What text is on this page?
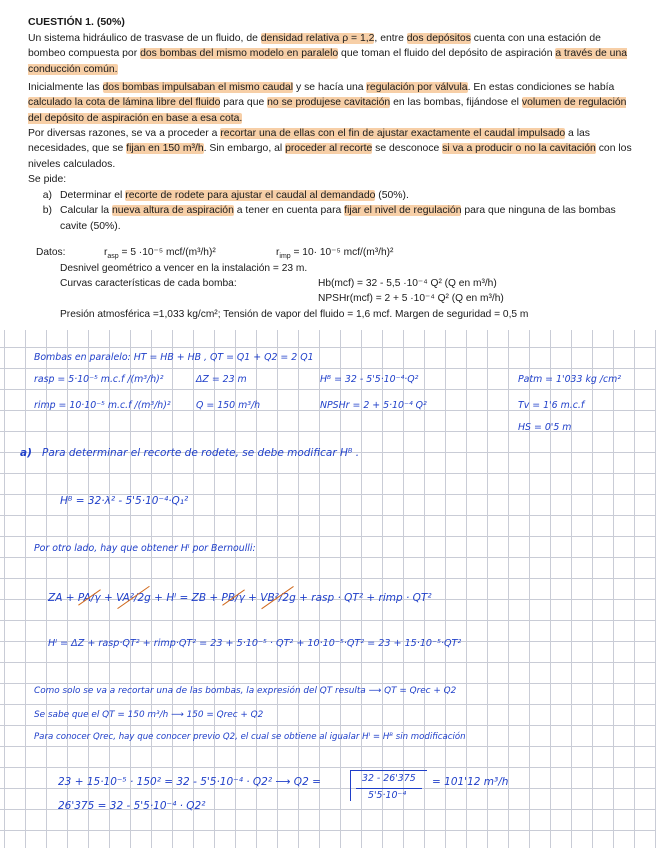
CUESTIÓN 1. (50%)

Un sistema hidráulico de trasvase de un fluido, de densidad relativa ρ = 1,2, entre dos depósitos cuenta con una estación de bombeo compuesta por dos bombas del mismo modelo en paralelo que toman el fluido del depósito de aspiración a través de una conducción común.

Inicialmente las dos bombas impulsaban el mismo caudal y se hacía una regulación por válvula. En estas condiciones se había calculado la cota de lámina libre del fluido para que no se produjese cavitación en las bombas, fijándose el volumen de regulación del depósito de aspiración en base a esa cota.

Por diversas razones, se va a proceder a recortar una de ellas con el fin de ajustar exactamente el caudal impulsado a las necesidades, que se fijan en 150 m³/h. Sin embargo, al proceder al recorte se desconoce si va a producir o no la cavitación con los niveles calculados.

Se pide:

a) Determinar el recorte de rodete para ajustar el caudal al demandado (50%).
b) Calcular la nueva altura de aspiración a tener en cuenta para fijar el nivel de regulación para que ninguna de las bombas cavite (50%).
Datos:	$r_{asp} = 5 \cdot 10^{-5}$ mcf/(m³/h)²	$r_{imp} = 10\cdot 10^{-5}$ mcf/(m³/h)²
Desnivel geométrico a vencer en la instalación = 23 m.
Curvas características de cada bomba:	Hb(mcf) = 32 - 5,5 ·10⁻⁴ Q² (Q en m³/h)
NPSHr(mcf) = 2 + 5 ·10⁻⁴ Q² (Q en m³/h)
Presión atmosférica =1,033 kg/cm²; Tensión de vapor del fluido = 1,6 mcf. Margen de seguridad = 0,5 m
Bombas en paralelo: HT = HB + HB , QT = Q1 + Q2 = 2 Q1
rasp = 5·10⁻⁵ m.c.f /(m³/h)²	ΔZ = 23 m	Hᴮ = 32 - 5'5·10⁻⁴·Q²	Patm = 1'033 kg /cm²
rimp = 10·10⁻⁵ m.c.f /(m³/h)²	Q = 150 m³/h	NPSHr = 2 + 5·10⁻⁴ Q²	Tv = 1'6 m.c.f
HS = 0'5 m
a) Para determinar el recorte de rodete, se debe modificar Hᴮ .
Hᴮ = 32·λ² - 5'5·10⁻⁴·Q₁²
Por otro lado, hay que obtener Hᴵ por Bernoulli:
ZA + PA/γ + VA²/2g + Hᴵ = ZB + PB/γ + VB²/2g + rasp · QT² + rimp · QT²
Hᴵ = ΔZ + rasp·QT² + rimp·QT² = 23 + 5·10⁻⁵ · QT² + 10·10⁻⁵·QT² = 23 + 15·10⁻⁵·QT²
Como solo se va a recortar una de las bombas, la expresión del QT resulta ⟶ QT = Qrec + Q2
Se sabe que el QT = 150 m³/h ⟶ 150 = Qrec + Q2
Para conocer Qrec, hay que conocer previo Q2, el cual se obtiene al igualar Hᴵ = Hᴮ sin modificación
23 + 15·10⁻⁵ · 150² = 32 - 5'5·10⁻⁴ · Q2² ⟶ Q2 =	32 - 26'375
5'5·10⁻⁴
= 101'12 m³/h
26'375 = 32 - 5'5·10⁻⁴ · Q2²
